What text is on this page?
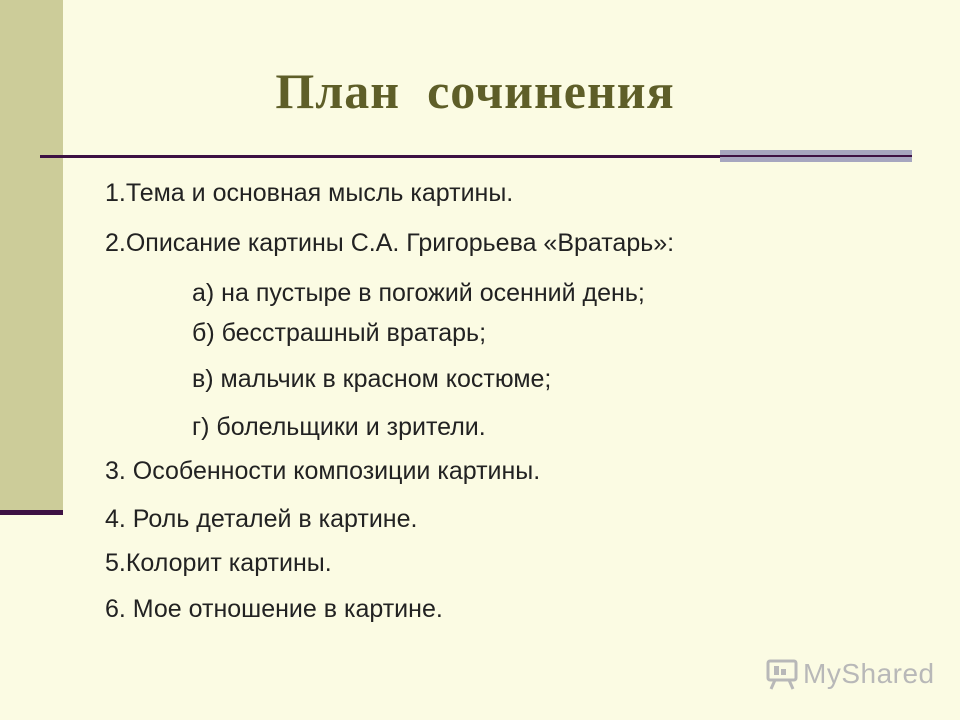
План  сочинения
1.Тема и основная мысль картины.
2.Описание картины С.А. Григорьева «Вратарь»:
а) на пустыре в погожий осенний день;
б) бесстрашный вратарь;
в) мальчик в красном костюме;
г) болельщики и зрители.
3. Особенности композиции картины.
4. Роль деталей в картине.
5.Колорит картины.
6. Мое отношение в картине.
MyShared
